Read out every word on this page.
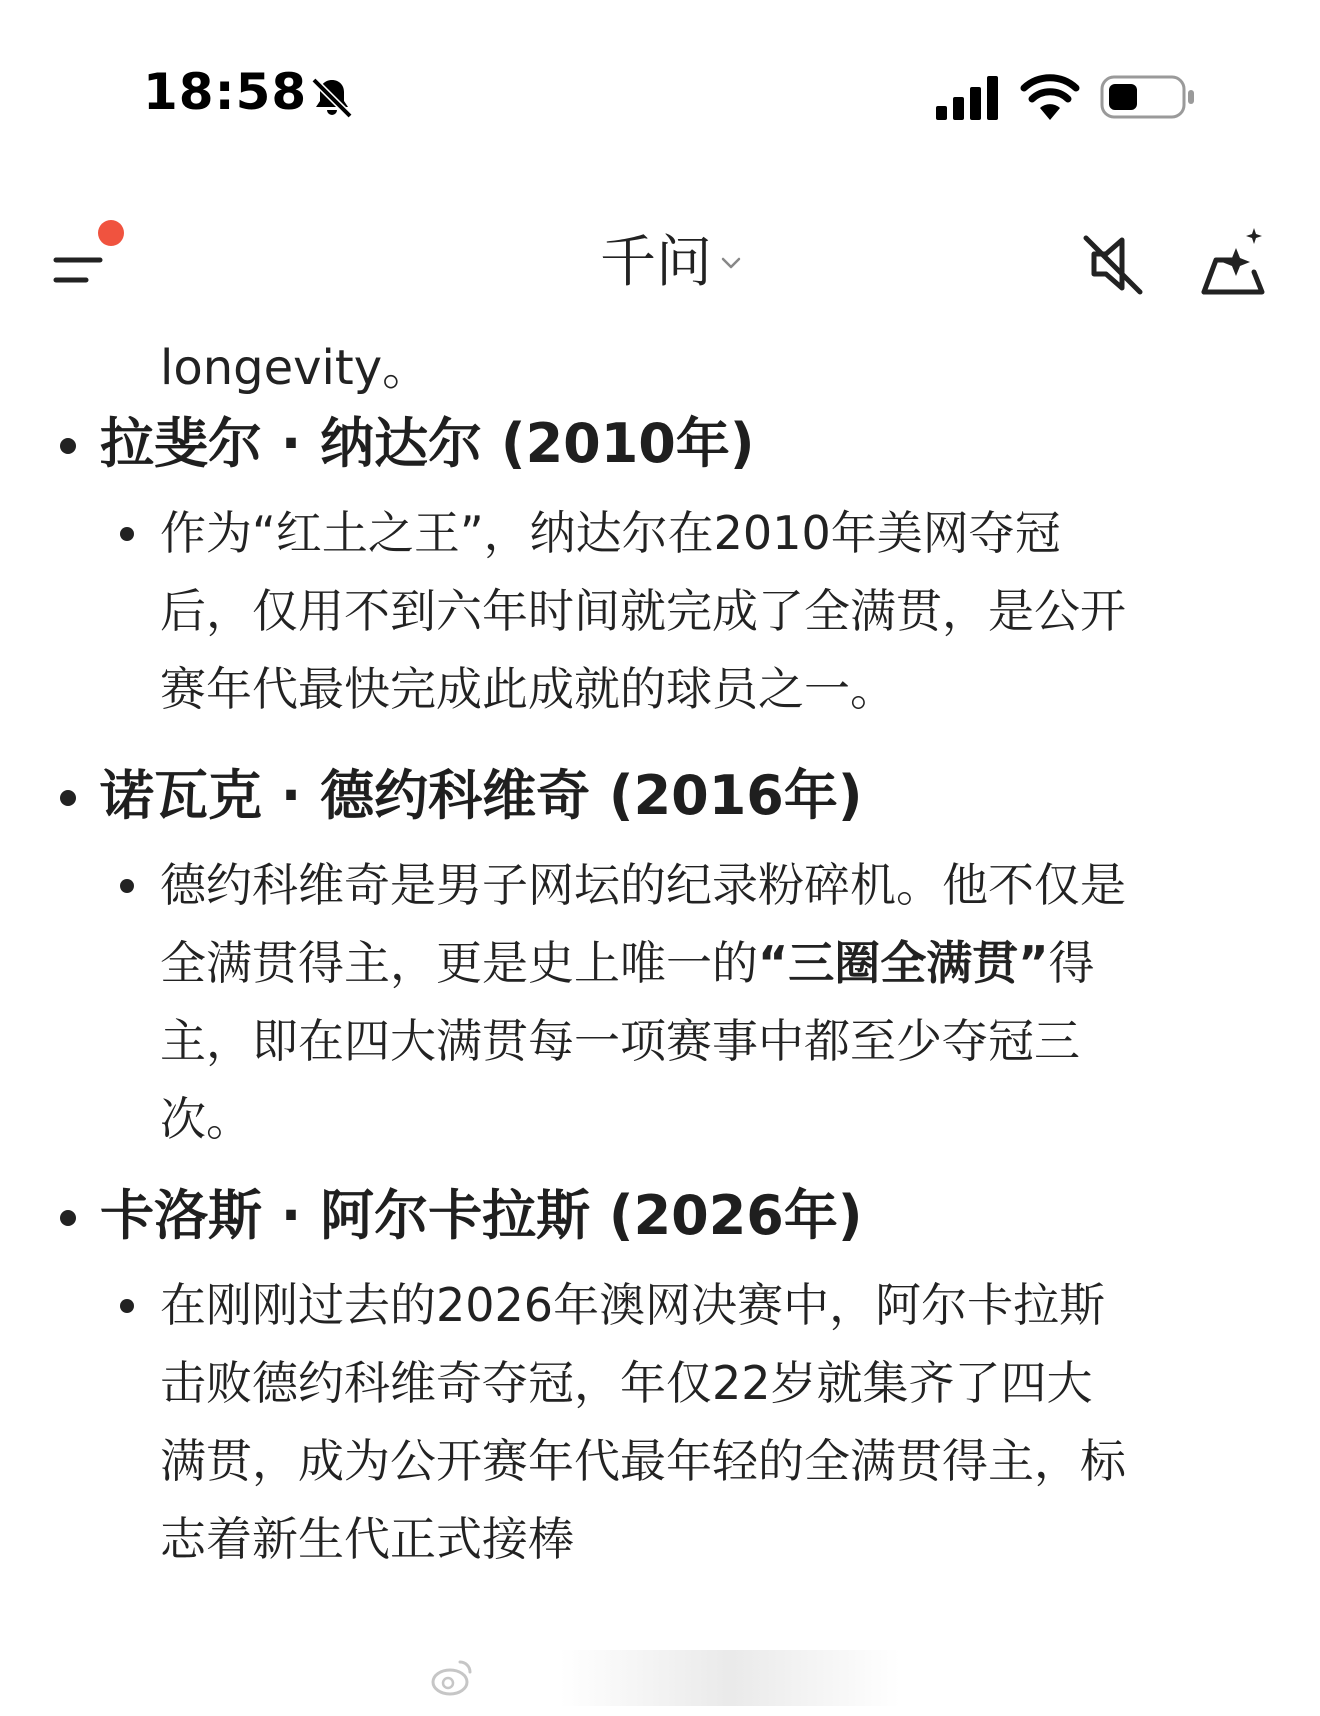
18:58
千问
longevity。
拉斐尔 · 纳达尔 (2010年)
作为“红土之王”，纳达尔在2010年美网夺冠
后，仅用不到六年时间就完成了全满贯，是公开
赛年代最快完成此成就的球员之一。
诺瓦克 · 德约科维奇 (2016年)
德约科维奇是男子网坛的纪录粉碎机。他不仅是
全满贯得主，更是史上唯一的“三圈全满贯”得
主，即在四大满贯每一项赛事中都至少夺冠三
次。
卡洛斯 · 阿尔卡拉斯 (2026年)
在刚刚过去的2026年澳网决赛中，阿尔卡拉斯
击败德约科维奇夺冠，年仅22岁就集齐了四大
满贯，成为公开赛年代最年轻的全满贯得主，标
志着新生代正式接棒
